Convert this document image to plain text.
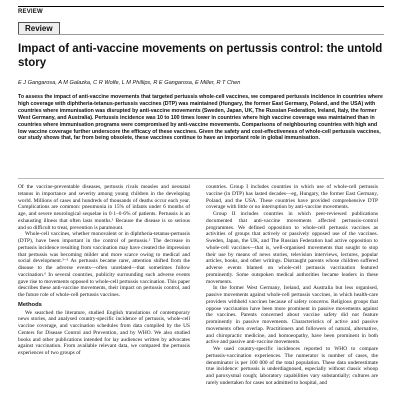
REVIEW
Review
Impact of anti-vaccine movements on pertussis control: the untold story

E J Gangarosa, A M Galazka, C R Wolfe, L M Phillips, R E Gangarosa, E Miller, R T Chen

To assess the impact of anti-vaccine movements that targeted pertussis whole-cell vaccines, we compared pertussis incidence in countries where high coverage with diphtheria-tetanus-pertussis vaccines (DTP) was maintained (Hungary, the former East Germany, Poland, and the USA) with countries where immunisation was disrupted by anti-vaccine movements (Sweden, Japan, UK, The Russian Federation, Ireland, Italy, the former West Germany, and Australia). Pertussis incidence was 10 to 100 times lower in countries where high vaccine coverage was maintained than in countries where immunisation programs were compromised by anti-vaccine movements. Comparisons of neighbouring countries with high and low vaccine coverage further underscore the efficacy of these vaccines. Given the safety and cost-effectiveness of whole-cell pertussis vaccines, our study shows that, far from being obsolete, these vaccines continue to have an important role in global immunisation.

Of the vaccine-preventable diseases, pertussis rivals measles and neonatal tetanus in importance and severity among young children in the developing world. Millions of cases and hundreds of thousands of deaths occur each year. Complications are common: pneumonia in 15% of infants under 6 months of age, and severe neurological sequelae in 0·1–0·6% of patients. Pertussis is an exhausting illness that often lasts months.¹ Because the disease is so serious and so difficult to treat, prevention is paramount.

Whole-cell vaccines, whether monovalent or in diphtheria-tetanus-pertussis (DTP), have been important in the control of pertussis.² The decrease in pertussis incidence resulting from vaccination may have created the impression that pertussis was becoming milder and more scarce owing to medical and social development.³⁻⁵ As pertussis became rarer, attention shifted from the disease to the adverse events—often unrelated—that sometimes follow vaccination.⁶ In several countries, publicity surrounding such adverse events gave rise to movements opposed to whole-cell pertussis vaccination. This paper describes these anti-vaccine movements, their impact on pertussis control, and the future role of whole-cell pertussis vaccines.

Methods

We searched the literature, studied English translations of contemporary news stories, and analysed country-specific incidence of pertussis, whole-cell vaccine coverage, and vaccination schedules from data compiled by the US Centers for Disease Control and Prevention, and by WHO. We also studied books and other publications intended for lay audiences written by advocates against vaccination. From available relevant data, we compared the pertussis experiences of two groups of

countries. Group I includes countries in which use of whole-cell pertussis vaccine (in DTP) has lasted decades—eg, Hungary, the former East Germany, Poland, and the USA. These countries have provided comprehensive DTP coverage with little or no interruption by anti-vaccine movements.

Group II includes countries in which peer-reviewed publications documented that anti-vaccine movements affected pertussis-control programmes. We defined opposition to whole-cell pertussis vaccines as activities of groups that actively or passively opposed use of the vaccines. Sweden, Japan, the UK, and The Russian Federation had active opposition to whole-cell vaccines—that is, well-organised movements that sought to stop their use by means of news stories, television interviews, lectures, popular articles, books, and other writings. Distraught parents whose children suffered adverse events blamed on whole-cell pertussis vaccination featured prominently. Some outspoken medical authorities became leaders in these movements.

In the former West Germany, Ireland, and Australia but less organised, passive movements against whole-cell pertussis vaccines, in which health-care providers withheld vaccines because of safety concerns. Religious groups that oppose vaccination have been more prominent in passive movements against the vaccines. Parents concerned about vaccine safety did not feature prominently in passive movements. Characteristics of active and passive movements often overlap. Practitioners and followers of natural, alternative, and chiropractic medicine, and homoeopathy, have been prominent in both active and passive anti-vaccine movements.

We used country-specific incidences reported to WHO to compare pertussis-vaccination experiences. The numerator is number of cases, the denominator is per 100 000 of the total population. These data underestimate true incidence: pertussis is underdiagnosed, especially without classic whoop and paroxysmal cough; laboratory capabilities vary substantially; cultures are rarely undertaken for cases not admitted to hospital, and
